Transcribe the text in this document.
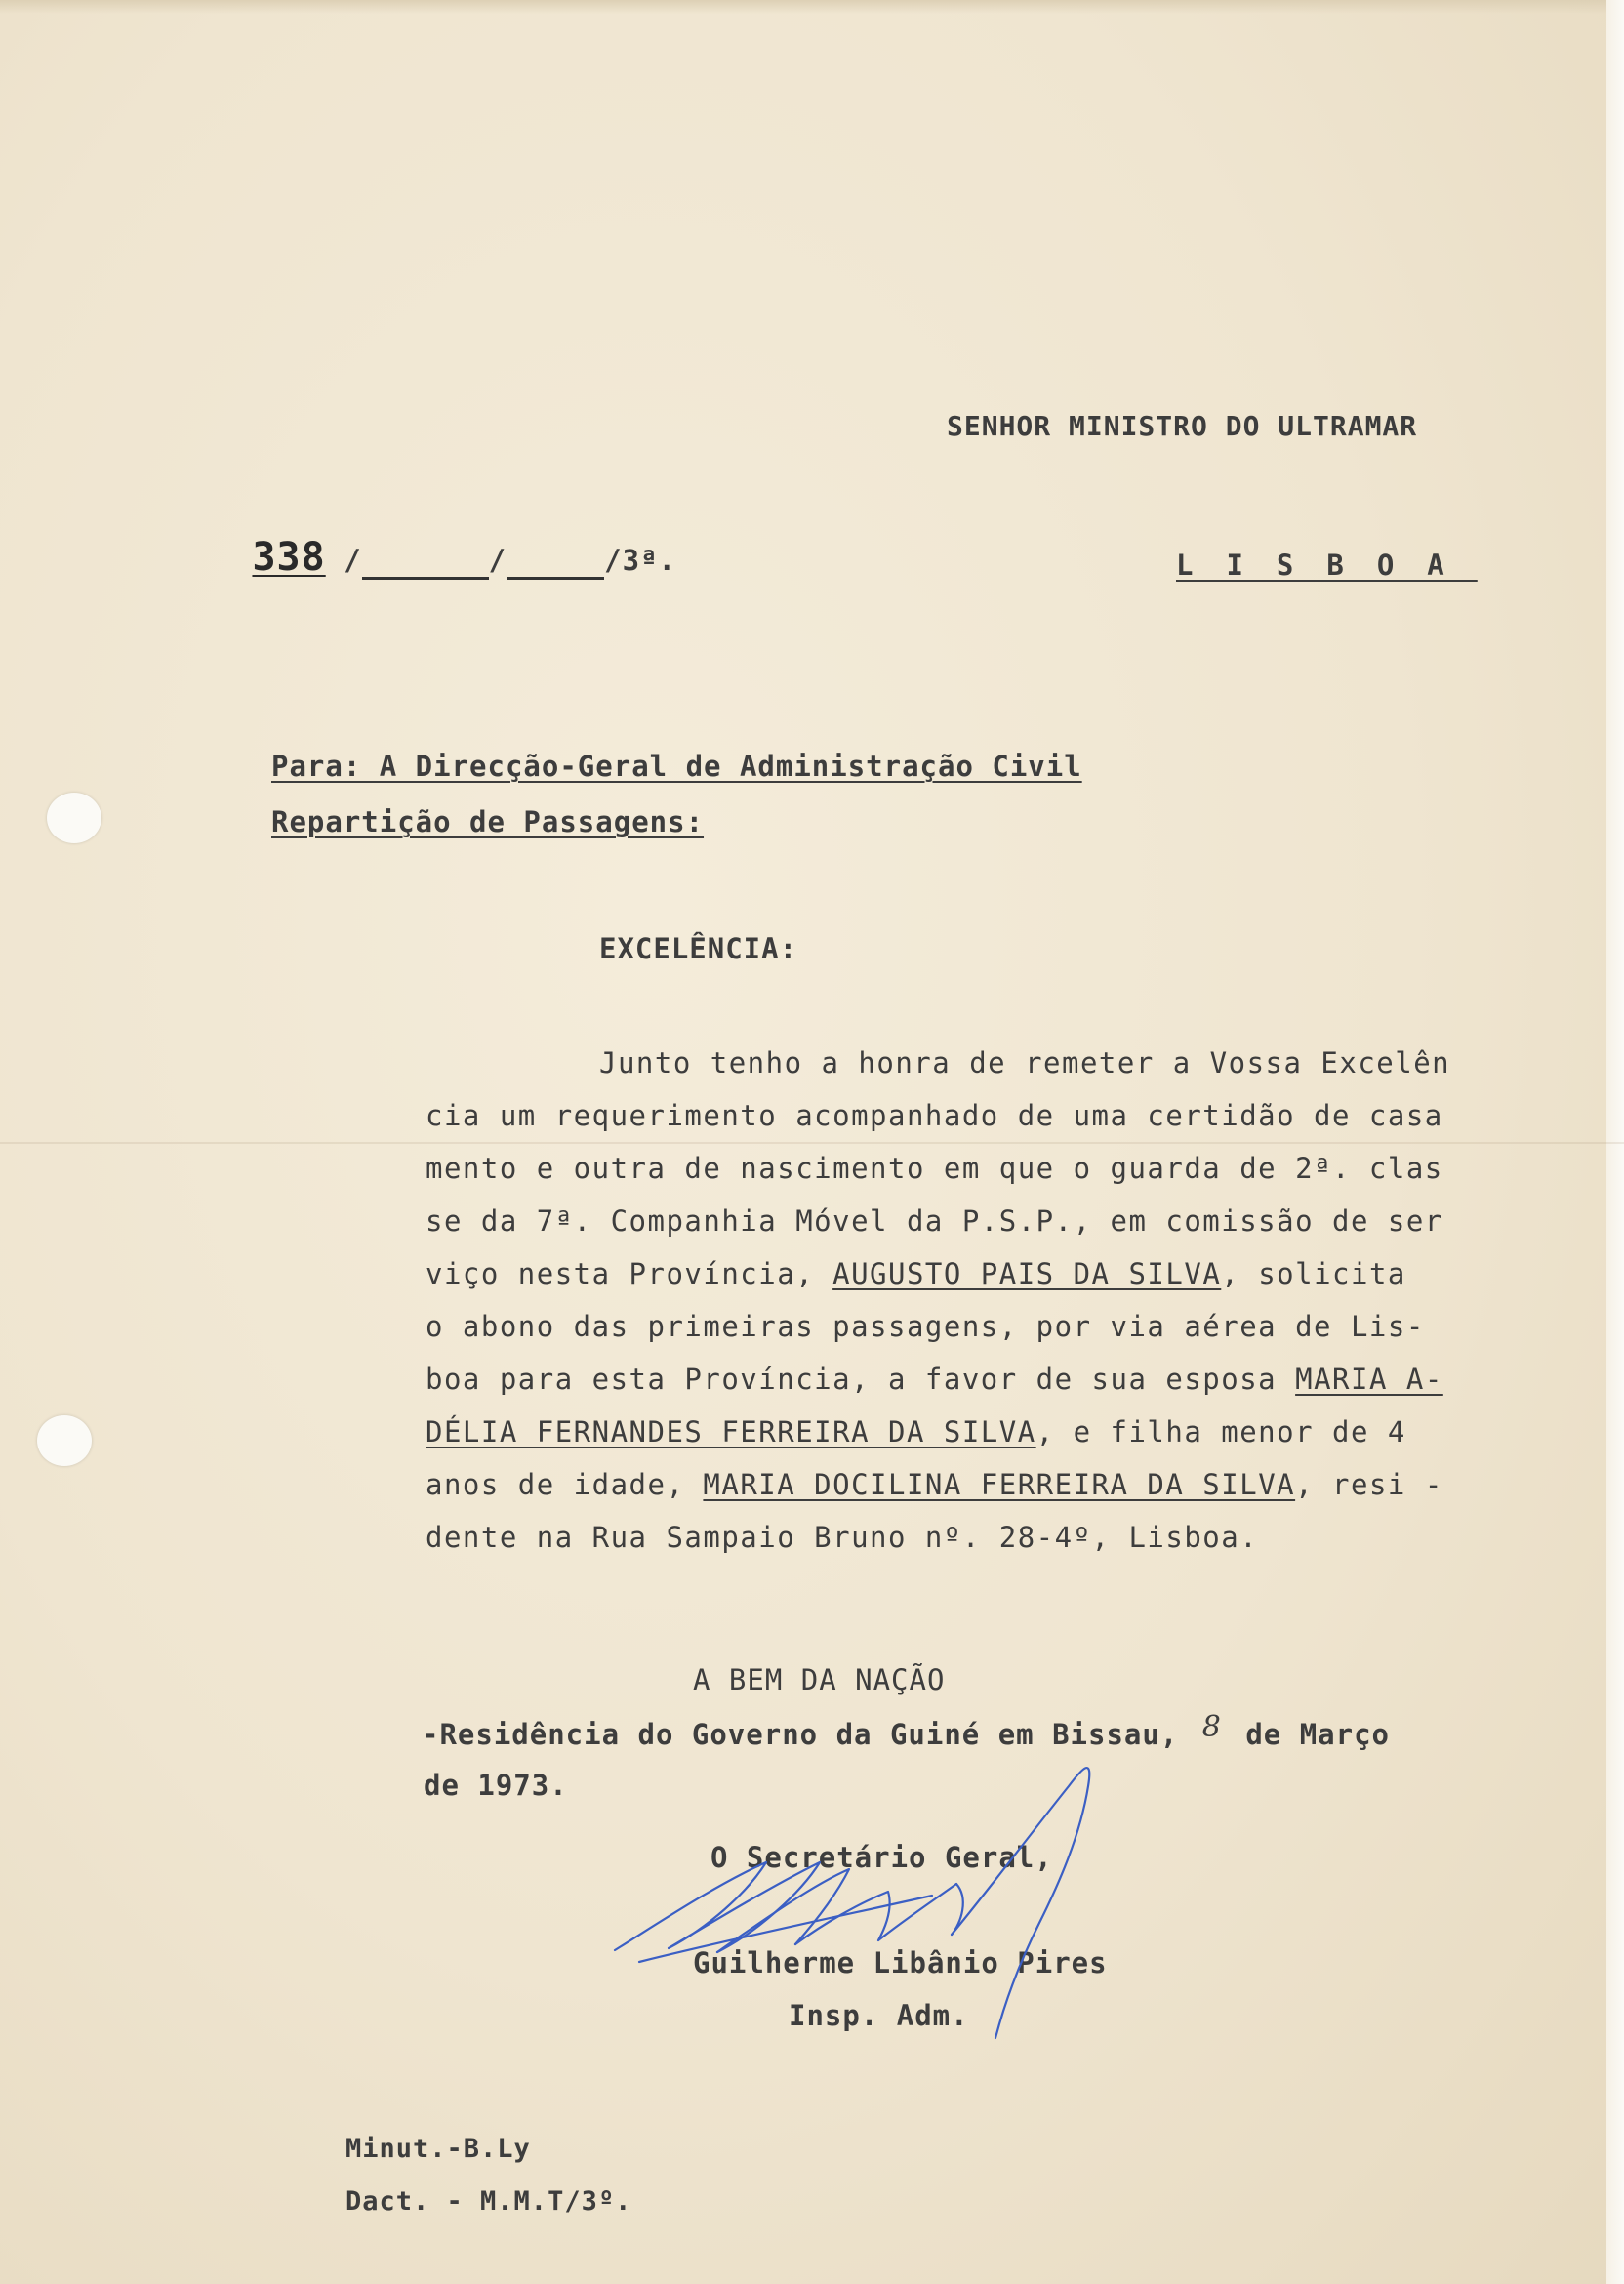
SENHOR MINISTRO DO ULTRAMAR
338 /	/	/3ª.	LISBOA
Para: A Direcção-Geral de Administração Civil
Repartição de Passagens:
EXCELÊNCIA:
Junto tenho a honra de remeter a Vossa Excelên
cia um requerimento acompanhado de uma certidão de casa
mento e outra de nascimento em que o guarda de 2ª. clas
se da 7ª. Companhia Móvel da P.S.P., em comissão de ser
viço nesta Província, AUGUSTO PAIS DA SILVA, solicita
o abono das primeiras passagens, por via aérea de Lis-
boa para esta Província, a favor de sua esposa MARIA A-
DÉLIA FERNANDES FERREIRA DA SILVA, e filha menor de 4
anos de idade, MARIA DOCILINA FERREIRA DA SILVA, resi -
dente na Rua Sampaio Bruno nº. 28-4º, Lisboa.
A BEM DA NAÇÃO
-Residência do Governo da Guiné em Bissau, 8 de Março
de 1973.
O Secretário Geral,
Guilherme Libânio Pires
Insp. Adm.
Minut.-B.Ly
Dact. - M.M.T/3º.
